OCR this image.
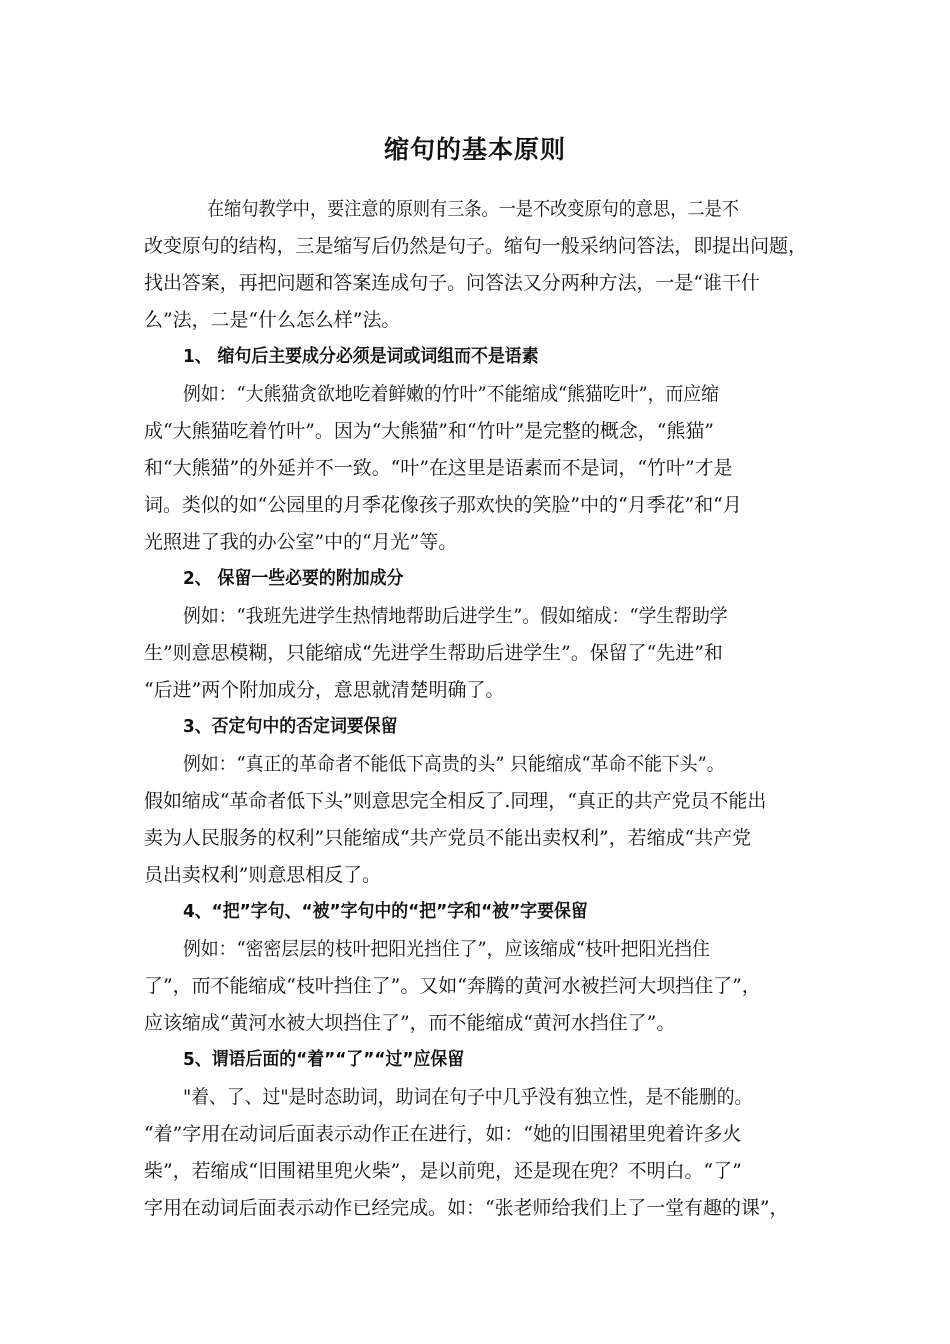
缩句的基本原则
在缩句教学中，要注意的原则有三条。一是不改变原句的意思，二是不
改变原句的结构，三是缩写后仍然是句子。缩句一般采纳问答法，即提出问题，
找出答案，再把问题和答案连成句子。问答法又分两种方法，一是“谁干什
么”法，二是“什么怎么样”法。
1、 缩句后主要成分必须是词或词组而不是语素
例如：“大熊猫贪欲地吃着鲜嫩的竹叶”不能缩成“熊猫吃叶”，而应缩
成“大熊猫吃着竹叶”。因为“大熊猫”和“竹叶”是完整的概念，“熊猫”
和“大熊猫”的外延并不一致。“叶”在这里是语素而不是词，“竹叶”才是
词。类似的如“公园里的月季花像孩子那欢快的笑脸”中的“月季花”和“月
光照进了我的办公室”中的“月光”等。
2、 保留一些必要的附加成分
例如：“我班先进学生热情地帮助后进学生”。假如缩成：“学生帮助学
生”则意思模糊，只能缩成“先进学生帮助后进学生”。保留了“先进”和
“后进”两个附加成分，意思就清楚明确了。
3、否定句中的否定词要保留
例如：“真正的革命者不能低下高贵的头” 只能缩成“革命不能下头”。
假如缩成“革命者低下头”则意思完全相反了.同理，“真正的共产党员不能出
卖为人民服务的权利”只能缩成“共产党员不能出卖权利”，若缩成“共产党
员出卖权利”则意思相反了。
4、“把”字句、“被”字句中的“把”字和“被”字要保留
例如：“密密层层的枝叶把阳光挡住了”，应该缩成“枝叶把阳光挡住
了”，而不能缩成“枝叶挡住了”。又如“奔腾的黄河水被拦河大坝挡住了”，
应该缩成“黄河水被大坝挡住了”，而不能缩成“黄河水挡住了”。
5、谓语后面的“着”“了”“过”应保留
"着、了、过"是时态助词，助词在句子中几乎没有独立性，是不能删的。
“着”字用在动词后面表示动作正在进行，如：“她的旧围裙里兜着许多火
柴”，若缩成“旧围裙里兜火柴”，是以前兜，还是现在兜？不明白。“了”
字用在动词后面表示动作已经完成。如：“张老师给我们上了一堂有趣的课”，
